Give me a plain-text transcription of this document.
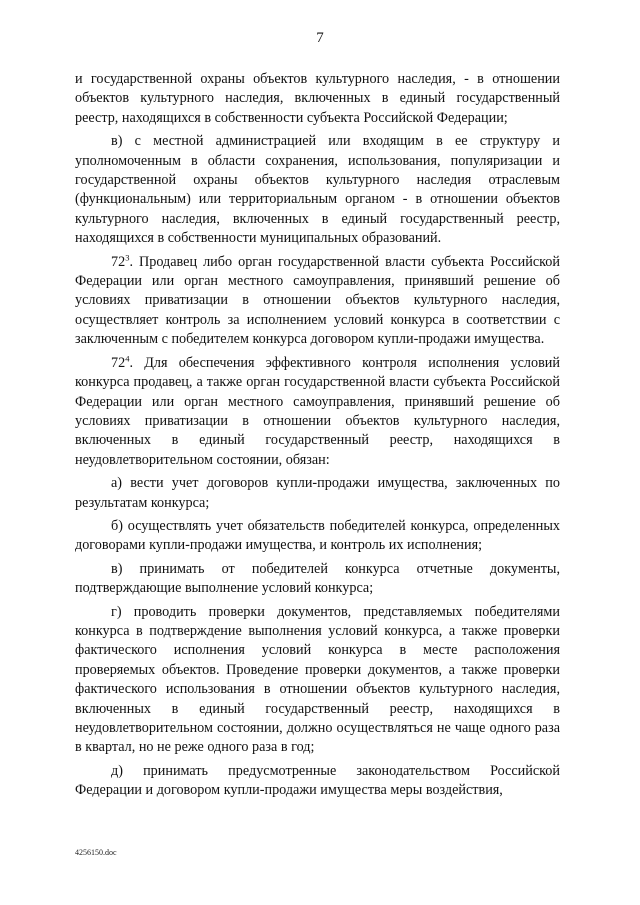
7

и государственной охраны объектов культурного наследия, - в отношении объектов культурного наследия, включенных в единый государственный реестр, находящихся в собственности субъекта Российской Федерации;

в) с местной администрацией или входящим в ее структуру и уполномоченным в области сохранения, использования, популяризации и государственной охраны объектов культурного наследия отраслевым (функциональным) или территориальным органом - в отношении объектов культурного наследия, включенных в единый государственный реестр, находящихся в собственности муниципальных образований.

$72^3$. Продавец либо орган государственной власти субъекта Российской Федерации или орган местного самоуправления, принявший решение об условиях приватизации в отношении объектов культурного наследия, осуществляет контроль за исполнением условий конкурса в соответствии с заключенным с победителем конкурса договором купли-продажи имущества.

$72^4$. Для обеспечения эффективного контроля исполнения условий конкурса продавец, а также орган государственной власти субъекта Российской Федерации или орган местного самоуправления, принявший решение об условиях приватизации в отношении объектов культурного наследия, включенных в единый государственный реестр, находящихся в неудовлетворительном состоянии, обязан:

а) вести учет договоров купли-продажи имущества, заключенных по результатам конкурса;

б) осуществлять учет обязательств победителей конкурса, определенных договорами купли-продажи имущества, и контроль их исполнения;

в) принимать от победителей конкурса отчетные документы, подтверждающие выполнение условий конкурса;

г) проводить проверки документов, представляемых победителями конкурса в подтверждение выполнения условий конкурса, а также проверки фактического исполнения условий конкурса в месте расположения проверяемых объектов. Проведение проверки документов, а также проверки фактического использования в отношении объектов культурного наследия, включенных в единый государственный реестр, находящихся в неудовлетворительном состоянии, должно осуществляться не чаще одного раза в квартал, но не реже одного раза в год;

д) принимать предусмотренные законодательством Российской Федерации и договором купли-продажи имущества меры воздействия,

4256150.doc
